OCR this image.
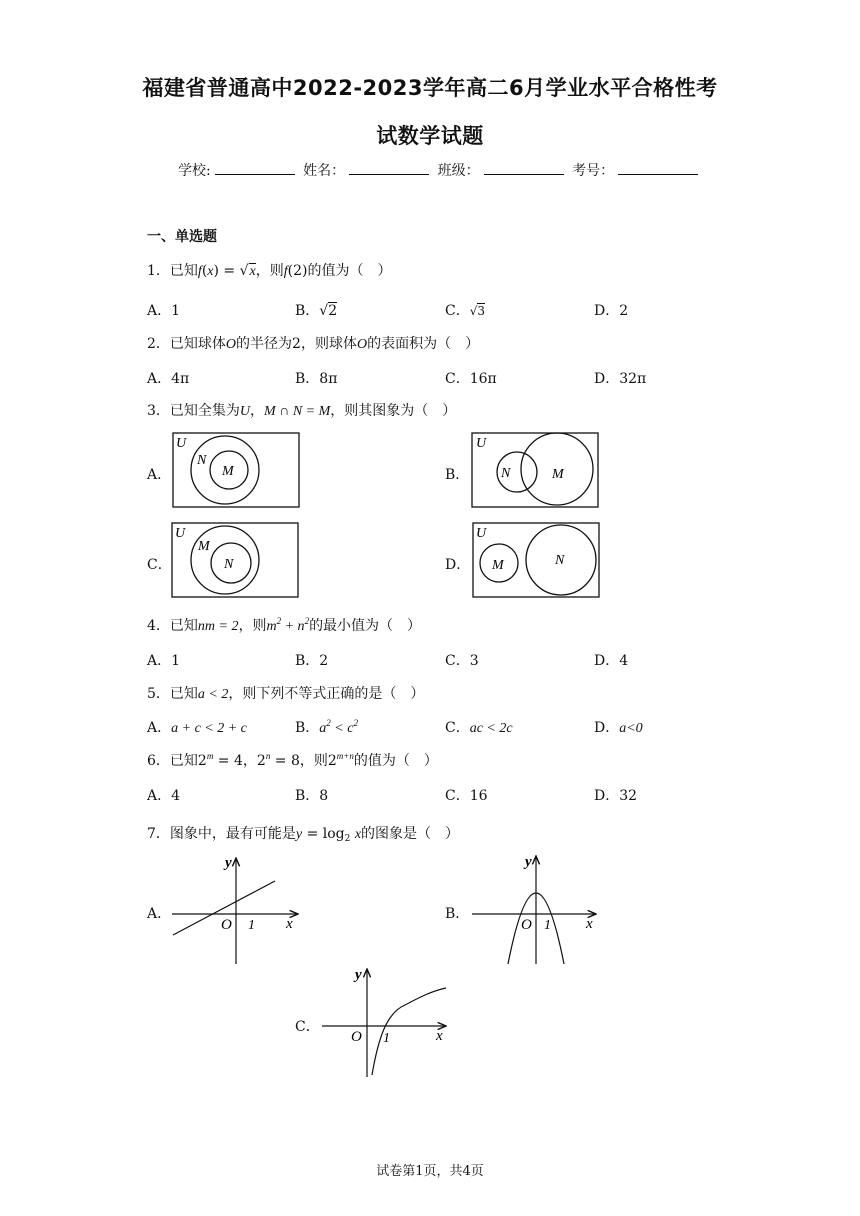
福建省普通高中2022-2023学年高二6月学业水平合格性考
试数学试题
学校:	姓名：	班级：	考号：
一、单选题
1．已知f(x) = √x，则f(2)的值为（　）
A．1	B．√2	C．√3	D．2
2．已知球体O的半径为2，则球体O的表面积为（　）
A．4π	B．8π	C．16π	D．32π
3．已知全集为U，M ∩ N = M，则其图象为（　）
A．
U
N
M	B．
U
N	M
C．
U
M
N	D．
U
M	N
4．已知nm = 2，则$m^2 + n^2$的最小值为（　）
A．1	B．2	C．3	D．4
5．已知a < 2，则下列不等式正确的是（　）
A．a + c < 2 + c	B．$a^2 < c^2$	C．ac < 2c	D．a<0
6．已知$2^m = 4$，$2^n = 8$，则$2^{m+n}$的值为（　）
A．4	B．8	C．16	D．32
7．图象中，最有可能是$y = \log_2 x$的图象是（　）
A．
y
x
O 1
B．
y
x
O 1
C．
y
x
O 1
试卷第1页，共4页
